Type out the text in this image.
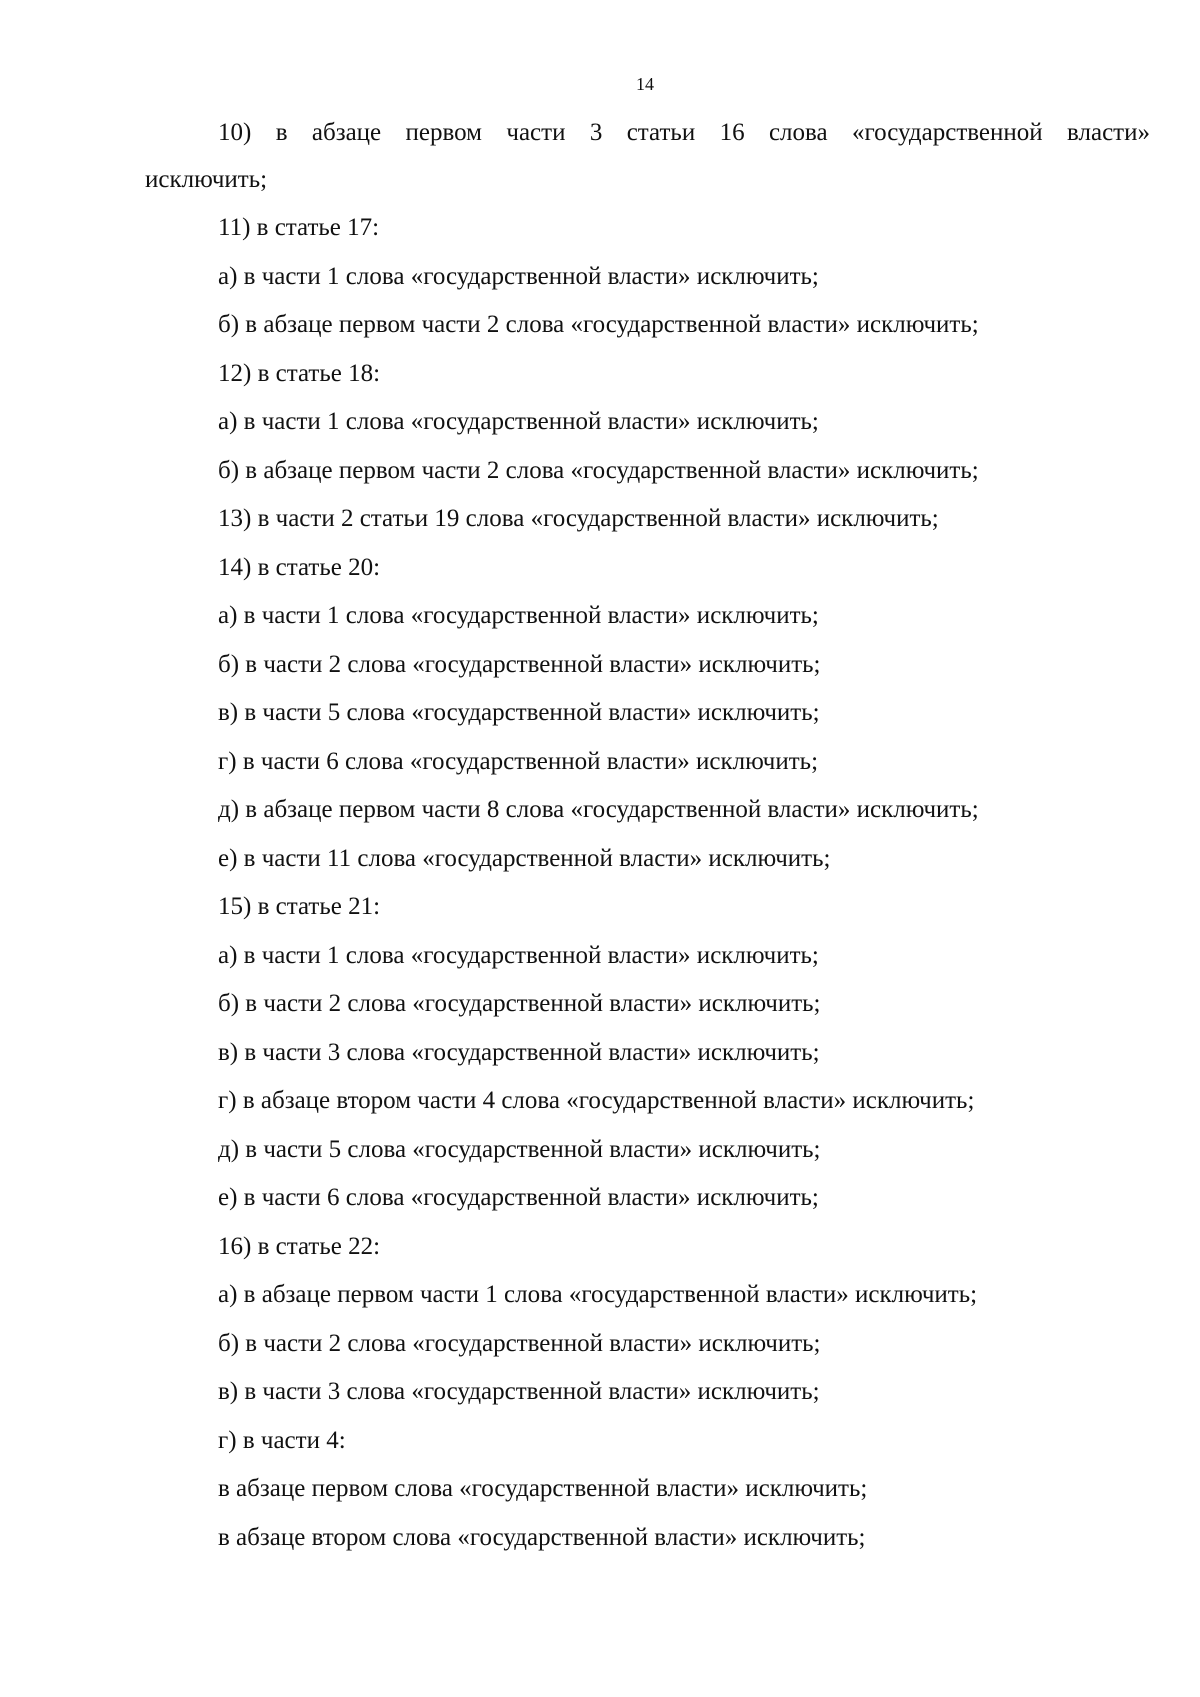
14

10) в абзаце первом части 3 статьи 16 слова «государственной власти»

исключить;

11) в статье 17:

а) в части 1 слова «государственной власти» исключить;

б) в абзаце первом части 2 слова «государственной власти» исключить;

12) в статье 18:

а) в части 1 слова «государственной власти» исключить;

б) в абзаце первом части 2 слова «государственной власти» исключить;

13) в части 2 статьи 19 слова «государственной власти» исключить;

14) в статье 20:

а) в части 1 слова «государственной власти» исключить;

б) в части 2 слова «государственной власти» исключить;

в) в части 5 слова «государственной власти» исключить;

г) в части 6 слова «государственной власти» исключить;

д) в абзаце первом части 8 слова «государственной власти» исключить;

е) в части 11 слова «государственной власти» исключить;

15) в статье 21:

а) в части 1 слова «государственной власти» исключить;

б) в части 2 слова «государственной власти» исключить;

в) в части 3 слова «государственной власти» исключить;

г) в абзаце втором части 4 слова «государственной власти» исключить;

д) в части 5 слова «государственной власти» исключить;

е) в части 6 слова «государственной власти» исключить;

16) в статье 22:

а) в абзаце первом части 1 слова «государственной власти» исключить;

б) в части 2 слова «государственной власти» исключить;

в) в части 3 слова «государственной власти» исключить;

г) в части 4:

в абзаце первом слова «государственной власти» исключить;

в абзаце втором слова «государственной власти» исключить;
